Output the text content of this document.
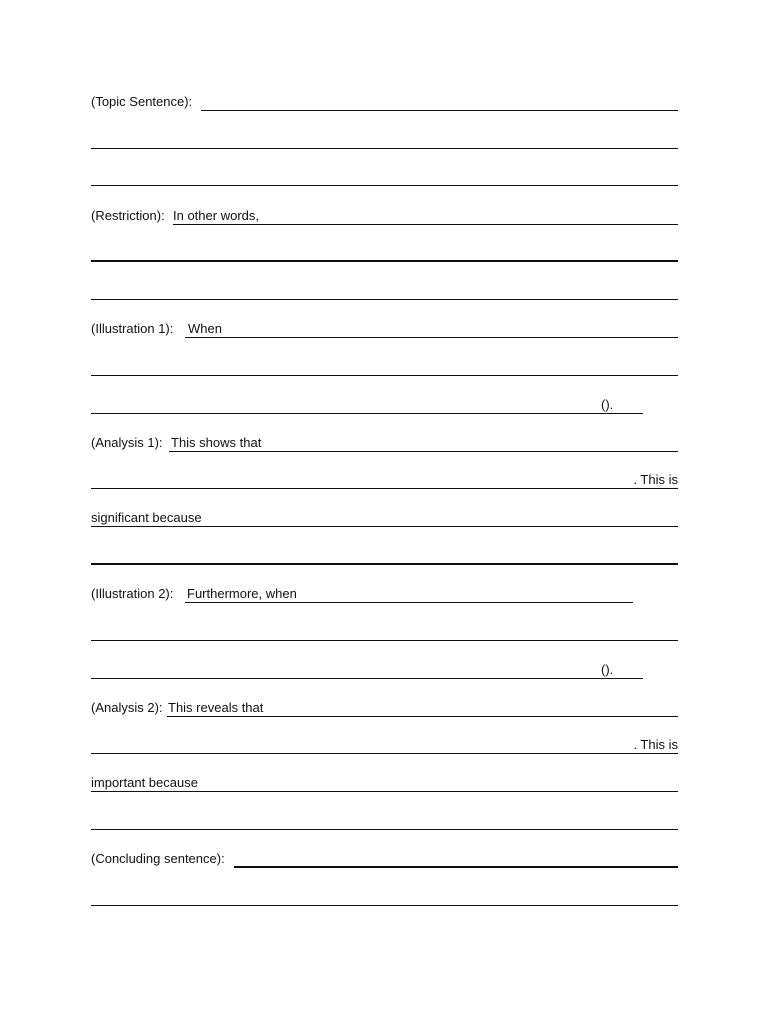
(Topic Sentence):
(Restriction): In other words,
(Illustration 1): When
().
(Analysis 1): This shows that
. This is
significant because
(Illustration 2): Furthermore, when
().
(Analysis 2): This reveals that
. This is
important because
(Concluding sentence):
